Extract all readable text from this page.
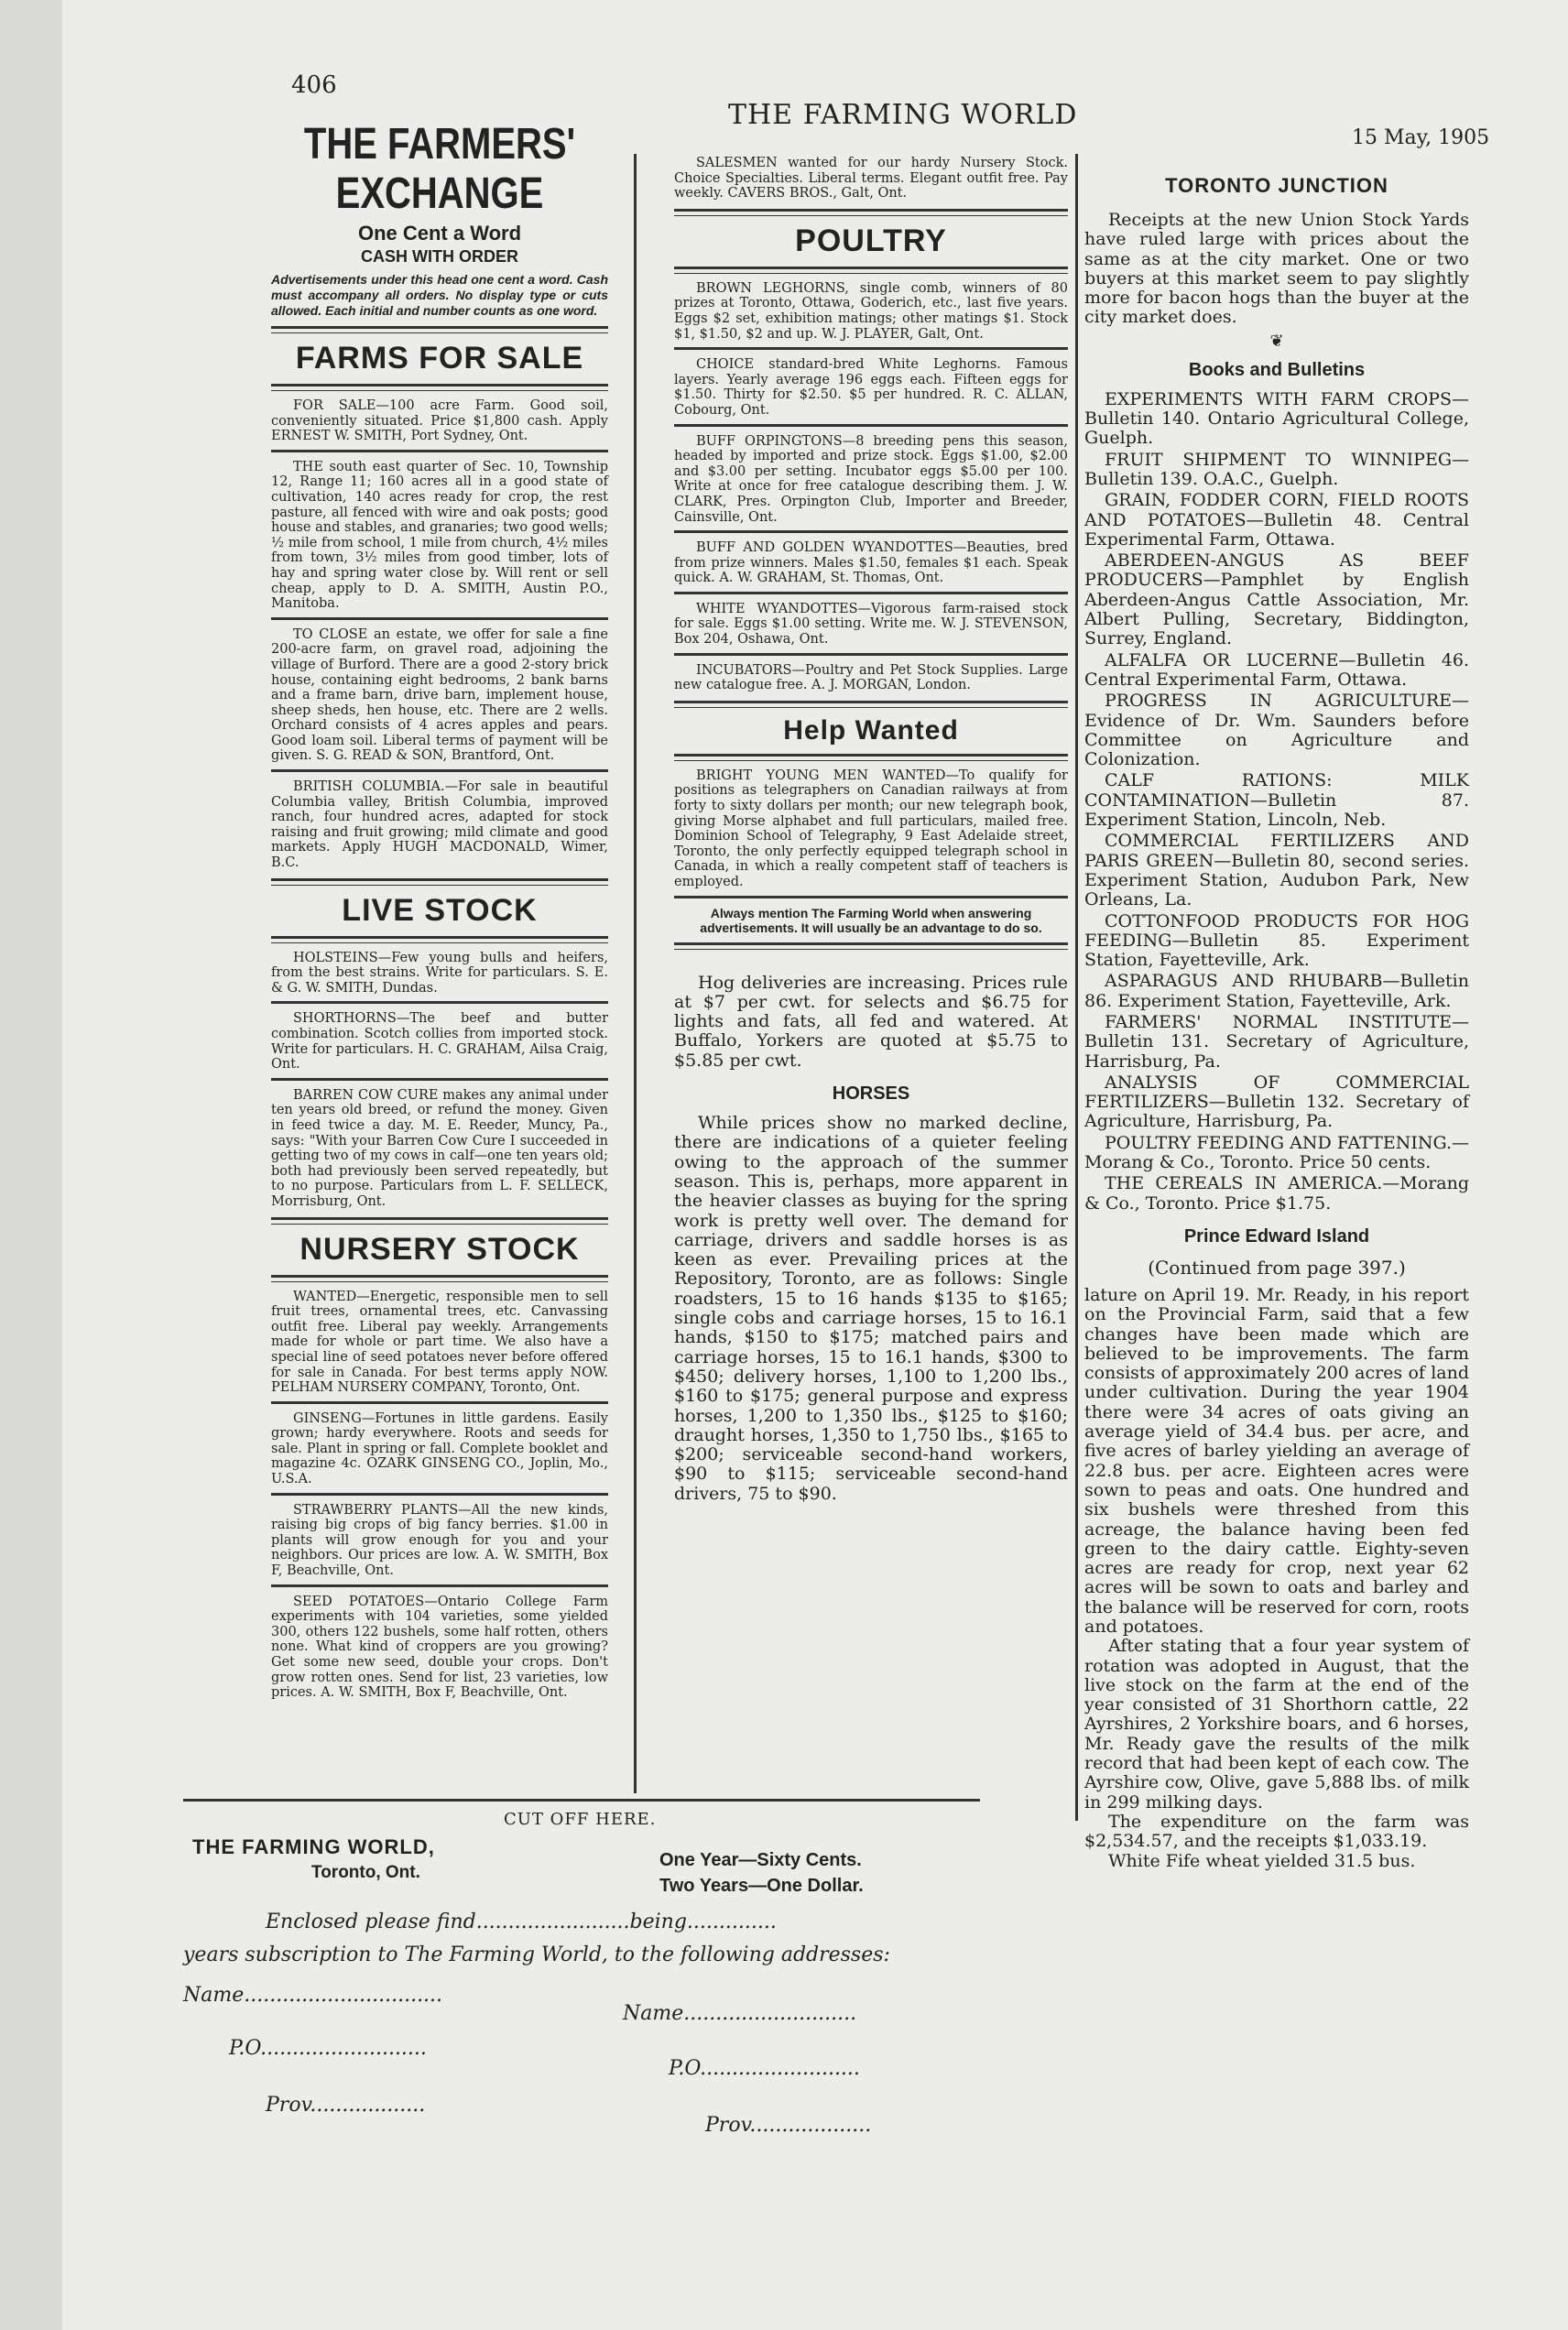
406
THE FARMING WORLD
15 May, 1905
THE FARMERS' EXCHANGE
One Cent a Word
CASH WITH ORDER

Advertisements under this head one cent a word. Cash must accompany all orders. No display type or cuts allowed. Each initial and number counts as one word.

FARMS FOR SALE

FOR SALE—100 acre Farm. Good soil, conveniently situated. Price $1,800 cash. Apply ERNEST W. SMITH, Port Sydney, Ont.

THE south east quarter of Sec. 10, Township 12, Range 11; 160 acres all in a good state of cultivation, 140 acres ready for crop, the rest pasture, all fenced with wire and oak posts; good house and stables, and granaries; two good wells; ½ mile from school, 1 mile from church, 4½ miles from town, 3½ miles from good timber, lots of hay and spring water close by. Will rent or sell cheap, apply to D. A. SMITH, Austin P.O., Manitoba.

TO CLOSE an estate, we offer for sale a fine 200-acre farm, on gravel road, adjoining the village of Burford. There are a good 2-story brick house, containing eight bedrooms, 2 bank barns and a frame barn, drive barn, implement house, sheep sheds, hen house, etc. There are 2 wells. Orchard consists of 4 acres apples and pears. Good loam soil. Liberal terms of payment will be given. S. G. READ & SON, Brantford, Ont.

BRITISH COLUMBIA.—For sale in beautiful Columbia valley, British Columbia, improved ranch, four hundred acres, adapted for stock raising and fruit growing; mild climate and good markets. Apply HUGH MACDONALD, Wimer, B.C.

LIVE STOCK

HOLSTEINS—Few young bulls and heifers, from the best strains. Write for particulars. S. E. & G. W. SMITH, Dundas.

SHORTHORNS—The beef and butter combination. Scotch collies from imported stock. Write for particulars. H. C. GRAHAM, Ailsa Craig, Ont.

BARREN COW CURE makes any animal under ten years old breed, or refund the money. Given in feed twice a day. M. E. Reeder, Muncy, Pa., says: "With your Barren Cow Cure I succeeded in getting two of my cows in calf—one ten years old; both had previously been served repeatedly, but to no purpose. Particulars from L. F. SELLECK, Morrisburg, Ont.

NURSERY STOCK

WANTED—Energetic, responsible men to sell fruit trees, ornamental trees, etc. Canvassing outfit free. Liberal pay weekly. Arrangements made for whole or part time. We also have a special line of seed potatoes never before offered for sale in Canada. For best terms apply NOW. PELHAM NURSERY COMPANY, Toronto, Ont.

GINSENG—Fortunes in little gardens. Easily grown; hardy everywhere. Roots and seeds for sale. Plant in spring or fall. Complete booklet and magazine 4c. OZARK GINSENG CO., Joplin, Mo., U.S.A.

STRAWBERRY PLANTS—All the new kinds, raising big crops of big fancy berries. $1.00 in plants will grow enough for you and your neighbors. Our prices are low. A. W. SMITH, Box F, Beachville, Ont.

SEED POTATOES—Ontario College Farm experiments with 104 varieties, some yielded 300, others 122 bushels, some half rotten, others none. What kind of croppers are you growing? Get some new seed, double your crops. Don't grow rotten ones. Send for list, 23 varieties, low prices. A. W. SMITH, Box F, Beachville, Ont.

SALESMEN wanted for our hardy Nursery Stock. Choice Specialties. Liberal terms. Elegant outfit free. Pay weekly. CAVERS BROS., Galt, Ont.

POULTRY

BROWN LEGHORNS, single comb, winners of 80 prizes at Toronto, Ottawa, Goderich, etc., last five years. Eggs $2 set, exhibition matings; other matings $1. Stock $1, $1.50, $2 and up. W. J. PLAYER, Galt, Ont.

CHOICE standard-bred White Leghorns. Famous layers. Yearly average 196 eggs each. Fifteen eggs for $1.50. Thirty for $2.50. $5 per hundred. R. C. ALLAN, Cobourg, Ont.

BUFF ORPINGTONS—8 breeding pens this season, headed by imported and prize stock. Eggs $1.00, $2.00 and $3.00 per setting. Incubator eggs $5.00 per 100. Write at once for free catalogue describing them. J. W. CLARK, Pres. Orpington Club, Importer and Breeder, Cainsville, Ont.

BUFF AND GOLDEN WYANDOTTES—Beauties, bred from prize winners. Males $1.50, females $1 each. Speak quick. A. W. GRAHAM, St. Thomas, Ont.

WHITE WYANDOTTES—Vigorous farm-raised stock for sale. Eggs $1.00 setting. Write me. W. J. STEVENSON, Box 204, Oshawa, Ont.

INCUBATORS—Poultry and Pet Stock Supplies. Large new catalogue free. A. J. MORGAN, London.

Help Wanted

BRIGHT YOUNG MEN WANTED—To qualify for positions as telegraphers on Canadian railways at from forty to sixty dollars per month; our new telegraph book, giving Morse alphabet and full particulars, mailed free. Dominion School of Telegraphy, 9 East Adelaide street, Toronto, the only perfectly equipped telegraph school in Canada, in which a really competent staff of teachers is employed.

Always mention The Farming World when answering advertisements. It will usually be an advantage to do so.

Hog deliveries are increasing. Prices rule at $7 per cwt. for selects and $6.75 for lights and fats, all fed and watered. At Buffalo, Yorkers are quoted at $5.75 to $5.85 per cwt.

HORSES

While prices show no marked decline, there are indications of a quieter feeling owing to the approach of the summer season. This is, perhaps, more apparent in the heavier classes as buying for the spring work is pretty well over. The demand for carriage, drivers and saddle horses is as keen as ever. Prevailing prices at the Repository, Toronto, are as follows: Single roadsters, 15 to 16 hands $135 to $165; single cobs and carriage horses, 15 to 16.1 hands, $150 to $175; matched pairs and carriage horses, 15 to 16.1 hands, $300 to $450; delivery horses, 1,100 to 1,200 lbs., $160 to $175; general purpose and express horses, 1,200 to 1,350 lbs., $125 to $160; draught horses, 1,350 to 1,750 lbs., $165 to $200; serviceable second-hand workers, $90 to $115; serviceable second-hand drivers, 75 to $90.

TORONTO JUNCTION

Receipts at the new Union Stock Yards have ruled large with prices about the same as at the city market. One or two buyers at this market seem to pay slightly more for bacon hogs than the buyer at the city market does.

❦
Books and Bulletins

EXPERIMENTS WITH FARM CROPS—Bulletin 140. Ontario Agricultural College, Guelph.

FRUIT SHIPMENT TO WINNIPEG—Bulletin 139. O.A.C., Guelph.

GRAIN, FODDER CORN, FIELD ROOTS AND POTATOES—Bulletin 48. Central Experimental Farm, Ottawa.

ABERDEEN-ANGUS AS BEEF PRODUCERS—Pamphlet by English Aberdeen-Angus Cattle Association, Mr. Albert Pulling, Secretary, Biddington, Surrey, England.

ALFALFA OR LUCERNE—Bulletin 46. Central Experimental Farm, Ottawa.

PROGRESS IN AGRICULTURE—Evidence of Dr. Wm. Saunders before Committee on Agriculture and Colonization.

CALF RATIONS: MILK CONTAMINATION—Bulletin 87. Experiment Station, Lincoln, Neb.

COMMERCIAL FERTILIZERS AND PARIS GREEN—Bulletin 80, second series. Experiment Station, Audubon Park, New Orleans, La.

COTTONFOOD PRODUCTS FOR HOG FEEDING—Bulletin 85. Experiment Station, Fayetteville, Ark.

ASPARAGUS AND RHUBARB—Bulletin 86. Experiment Station, Fayetteville, Ark.

FARMERS' NORMAL INSTITUTE—Bulletin 131. Secretary of Agriculture, Harrisburg, Pa.

ANALYSIS OF COMMERCIAL FERTILIZERS—Bulletin 132. Secretary of Agriculture, Harrisburg, Pa.

POULTRY FEEDING AND FATTENING.—Morang & Co., Toronto. Price 50 cents.

THE CEREALS IN AMERICA.—Morang & Co., Toronto. Price $1.75.

Prince Edward Island
(Continued from page 397.)

lature on April 19. Mr. Ready, in his report on the Provincial Farm, said that a few changes have been made which are believed to be improvements. The farm consists of approximately 200 acres of land under cultivation. During the year 1904 there were 34 acres of oats giving an average yield of 34.4 bus. per acre, and five acres of barley yielding an average of 22.8 bus. per acre. Eighteen acres were sown to peas and oats. One hundred and six bushels were threshed from this acreage, the balance having been fed green to the dairy cattle. Eighty-seven acres are ready for crop, next year 62 acres will be sown to oats and barley and the balance will be reserved for corn, roots and potatoes.

After stating that a four year system of rotation was adopted in August, that the live stock on the farm at the end of the year consisted of 31 Shorthorn cattle, 22 Ayrshires, 2 Yorkshire boars, and 6 horses, Mr. Ready gave the results of the milk record that had been kept of each cow. The Ayrshire cow, Olive, gave 5,888 lbs. of milk in 299 milking days.

The expenditure on the farm was $2,534.57, and the receipts $1,033.19.

White Fife wheat yielded 31.5 bus.

CUT OFF HERE.
THE FARMING WORLD,
Toronto, Ont.
One Year—Sixty Cents.
Two Years—One Dollar.
Enclosed please find........................being..............
years subscription to The Farming World, to the following addresses:
Name...............................
Name...........................
P.O..........................
P.O.........................
Prov..................
Prov...................
